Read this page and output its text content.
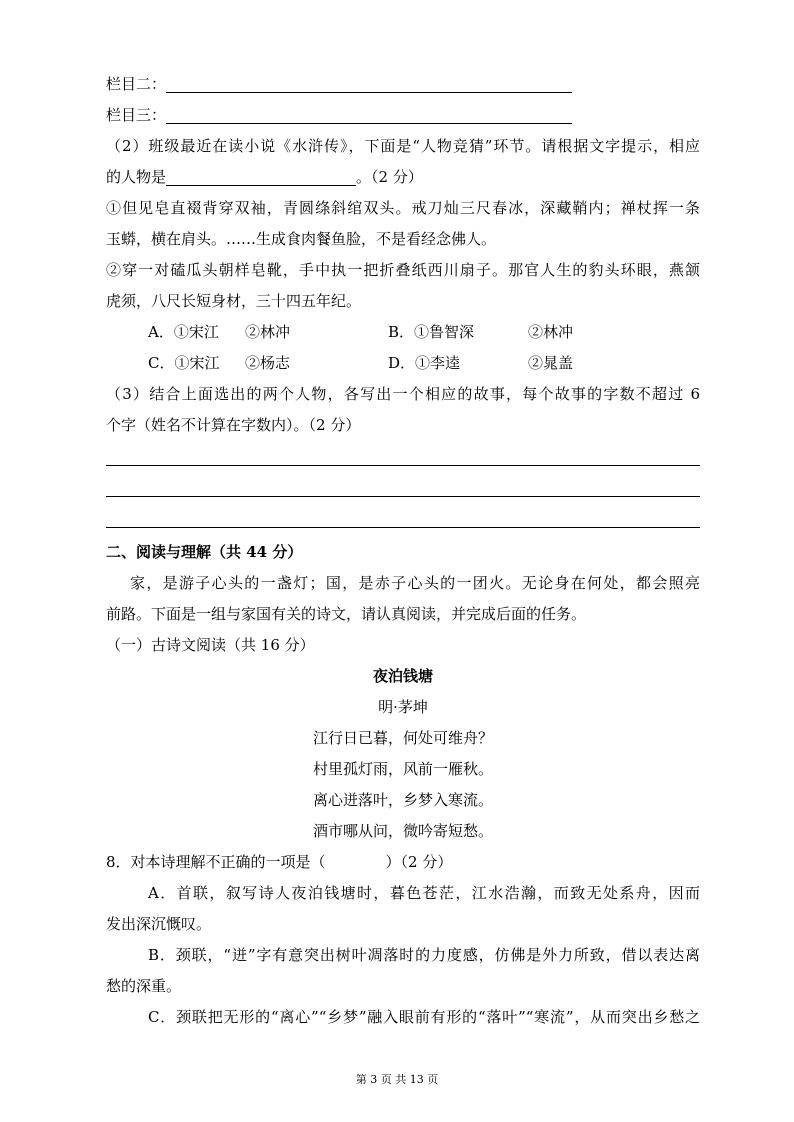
栏目二：
栏目三：
（2）班级最近在读小说《水浒传》，下面是“人物竞猜”环节。请根据文字提示，相应
的人物是	。（2 分）
①但见皂直裰背穿双袖，青圆绦斜绾双头。戒刀灿三尺春冰，深藏鞘内；禅杖挥一条
玉蟒，横在肩头。……生成食肉餐鱼脸，不是看经念佛人。
②穿一对磕瓜头朝样皂靴，手中执一把折叠纸西川扇子。那官人生的豹头环眼，燕颔
虎须，八尺长短身材，三十四五年纪。
A．①宋江 ②林冲	B．①鲁智深	②林冲
C．①宋江 ②杨志	D．①李逵	②晁盖
（3）结合上面选出的两个人物，各写出一个相应的故事，每个故事的字数不超过 6
个字（姓名不计算在字数内）。（2 分）
二、阅读与理解（共 44 分）
家，是游子心头的一盏灯；国，是赤子心头的一团火。无论身在何处，都会照亮
前路。下面是一组与家国有关的诗文，请认真阅读，并完成后面的任务。
（一）古诗文阅读（共 16 分）
夜泊钱塘
明·茅坤
江行日已暮，何处可维舟？
村里孤灯雨，风前一雁秋。
离心迸落叶，乡梦入寒流。
酒市哪从问，微吟寄短愁。
8．对本诗理解不正确的一项是（　　　　）（2 分）
A．首联，叙写诗人夜泊钱塘时，暮色苍茫，江水浩瀚，而致无处系舟，因而
发出深沉慨叹。
B．颈联，“迸”字有意突出树叶凋落时的力度感，仿佛是外力所致，借以表达离
愁的深重。
C．颈联把无形的“离心”“乡梦”融入眼前有形的“落叶”“寒流”，从而突出乡愁之
第 3 页 共 13 页
